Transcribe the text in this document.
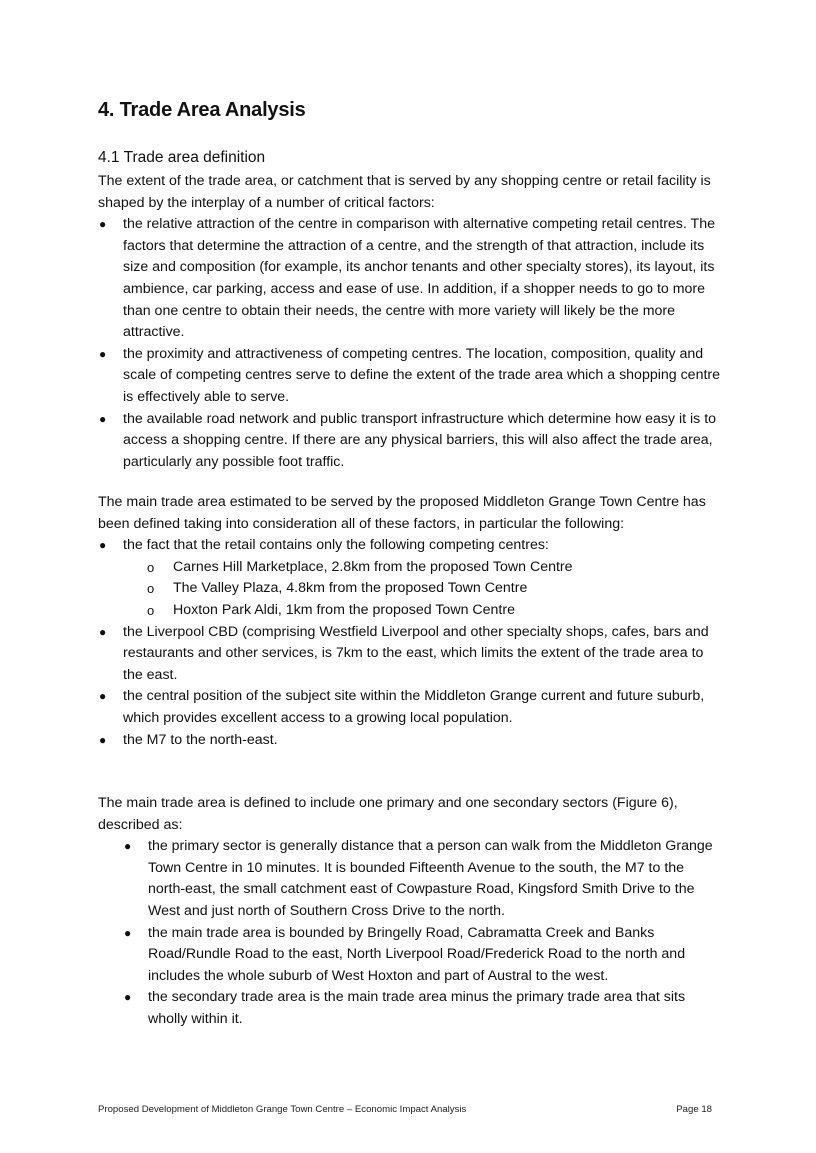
4. Trade Area Analysis
4.1 Trade area definition

The extent of the trade area, or catchment that is served by any shopping centre or retail facility is shaped by the interplay of a number of critical factors:

● the relative attraction of the centre in comparison with alternative competing retail centres. The factors that determine the attraction of a centre, and the strength of that attraction, include its size and composition (for example, its anchor tenants and other specialty stores), its layout, its ambience, car parking, access and ease of use. In addition, if a shopper needs to go to more than one centre to obtain their needs, the centre with more variety will likely be the more attractive.
● the proximity and attractiveness of competing centres. The location, composition, quality and scale of competing centres serve to define the extent of the trade area which a shopping centre is effectively able to serve.
● the available road network and public transport infrastructure which determine how easy it is to access a shopping centre. If there are any physical barriers, this will also affect the trade area, particularly any possible foot traffic.

The main trade area estimated to be served by the proposed Middleton Grange Town Centre has been defined taking into consideration all of these factors, in particular the following:

● the fact that the retail contains only the following competing centres:
o Carnes Hill Marketplace, 2.8km from the proposed Town Centre
o The Valley Plaza, 4.8km from the proposed Town Centre
o Hoxton Park Aldi, 1km from the proposed Town Centre
● the Liverpool CBD (comprising Westfield Liverpool and other specialty shops, cafes, bars and restaurants and other services, is 7km to the east, which limits the extent of the trade area to the east.
● the central position of the subject site within the Middleton Grange current and future suburb, which provides excellent access to a growing local population.
● the M7 to the north-east.

The main trade area is defined to include one primary and one secondary sectors (Figure 6), described as:

● the primary sector is generally distance that a person can walk from the Middleton Grange Town Centre in 10 minutes. It is bounded Fifteenth Avenue to the south, the M7 to the north-east, the small catchment east of Cowpasture Road, Kingsford Smith Drive to the West and just north of Southern Cross Drive to the north.
● the main trade area is bounded by Bringelly Road, Cabramatta Creek and Banks Road/Rundle Road to the east, North Liverpool Road/Frederick Road to the north and includes the whole suburb of West Hoxton and part of Austral to the west.
● the secondary trade area is the main trade area minus the primary trade area that sits wholly within it.
Proposed Development of Middleton Grange Town Centre – Economic Impact Analysis	Page 18
